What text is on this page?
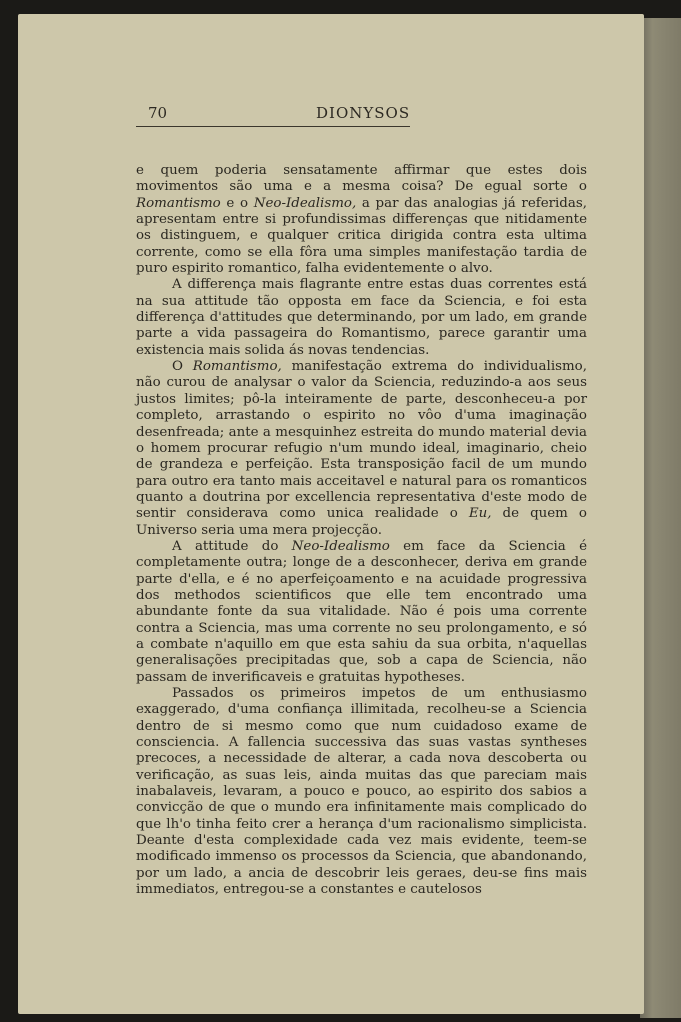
70	DIONYSOS

e quem poderia sensatamente affirmar que estes dois movimentos são uma e a mesma coisa? De egual sorte o Romantismo e o Neo-Idealismo, a par das analogias já referidas, apresentam entre si profundissimas differenças que nitidamente os distinguem, e qualquer critica dirigida contra esta ultima corrente, como se ella fôra uma simples manifestação tardia de puro espirito romantico, falha evidentemente o alvo.

A differença mais flagrante entre estas duas correntes está na sua attitude tão opposta em face da Sciencia, e foi esta differença d'attitudes que determinando, por um lado, em grande parte a vida passageira do Romantismo, parece garantir uma existencia mais solida ás novas tendencias.

O Romantismo, manifestação extrema do individualismo, não curou de analysar o valor da Sciencia, reduzindo-a aos seus justos limites; pô-la inteiramente de parte, desconheceu-a por completo, arrastando o espirito no vôo d'uma imaginação desenfreada; ante a mesquinhez estreita do mundo material devia o homem procurar refugio n'um mundo ideal, imaginario, cheio de grandeza e perfeição. Esta transposição facil de um mundo para outro era tanto mais acceitavel e natural para os romanticos quanto a doutrina por excellencia representativa d'este modo de sentir considerava como unica realidade o Eu, de quem o Universo seria uma mera projecção.

A attitude do Neo-Idealismo em face da Sciencia é completamente outra; longe de a desconhecer, deriva em grande parte d'ella, e é no aperfeiçoamento e na acuidade progressiva dos methodos scientificos que elle tem encontrado uma abundante fonte da sua vitalidade. Não é pois uma corrente contra a Sciencia, mas uma corrente no seu prolongamento, e só a combate n'aquillo em que esta sahiu da sua orbita, n'aquellas generalisações precipitadas que, sob a capa de Sciencia, não passam de inverificaveis e gratuitas hypotheses.

Passados os primeiros impetos de um enthusiasmo exaggerado, d'uma confiança illimitada, recolheu-se a Sciencia dentro de si mesmo como que num cuidadoso exame de consciencia. A fallencia successiva das suas vastas syntheses precoces, a necessidade de alterar, a cada nova descoberta ou verificação, as suas leis, ainda muitas das que pareciam mais inabalaveis, levaram, a pouco e pouco, ao espirito dos sabios a convicção de que o mundo era infinitamente mais complicado do que lh'o tinha feito crer a herança d'um racionalismo simplicista. Deante d'esta complexidade cada vez mais evidente, teem-se modificado immenso os processos da Sciencia, que abandonando, por um lado, a ancia de descobrir leis geraes, deu-se fins mais immediatos, entregou-se a constantes e cautelosos
